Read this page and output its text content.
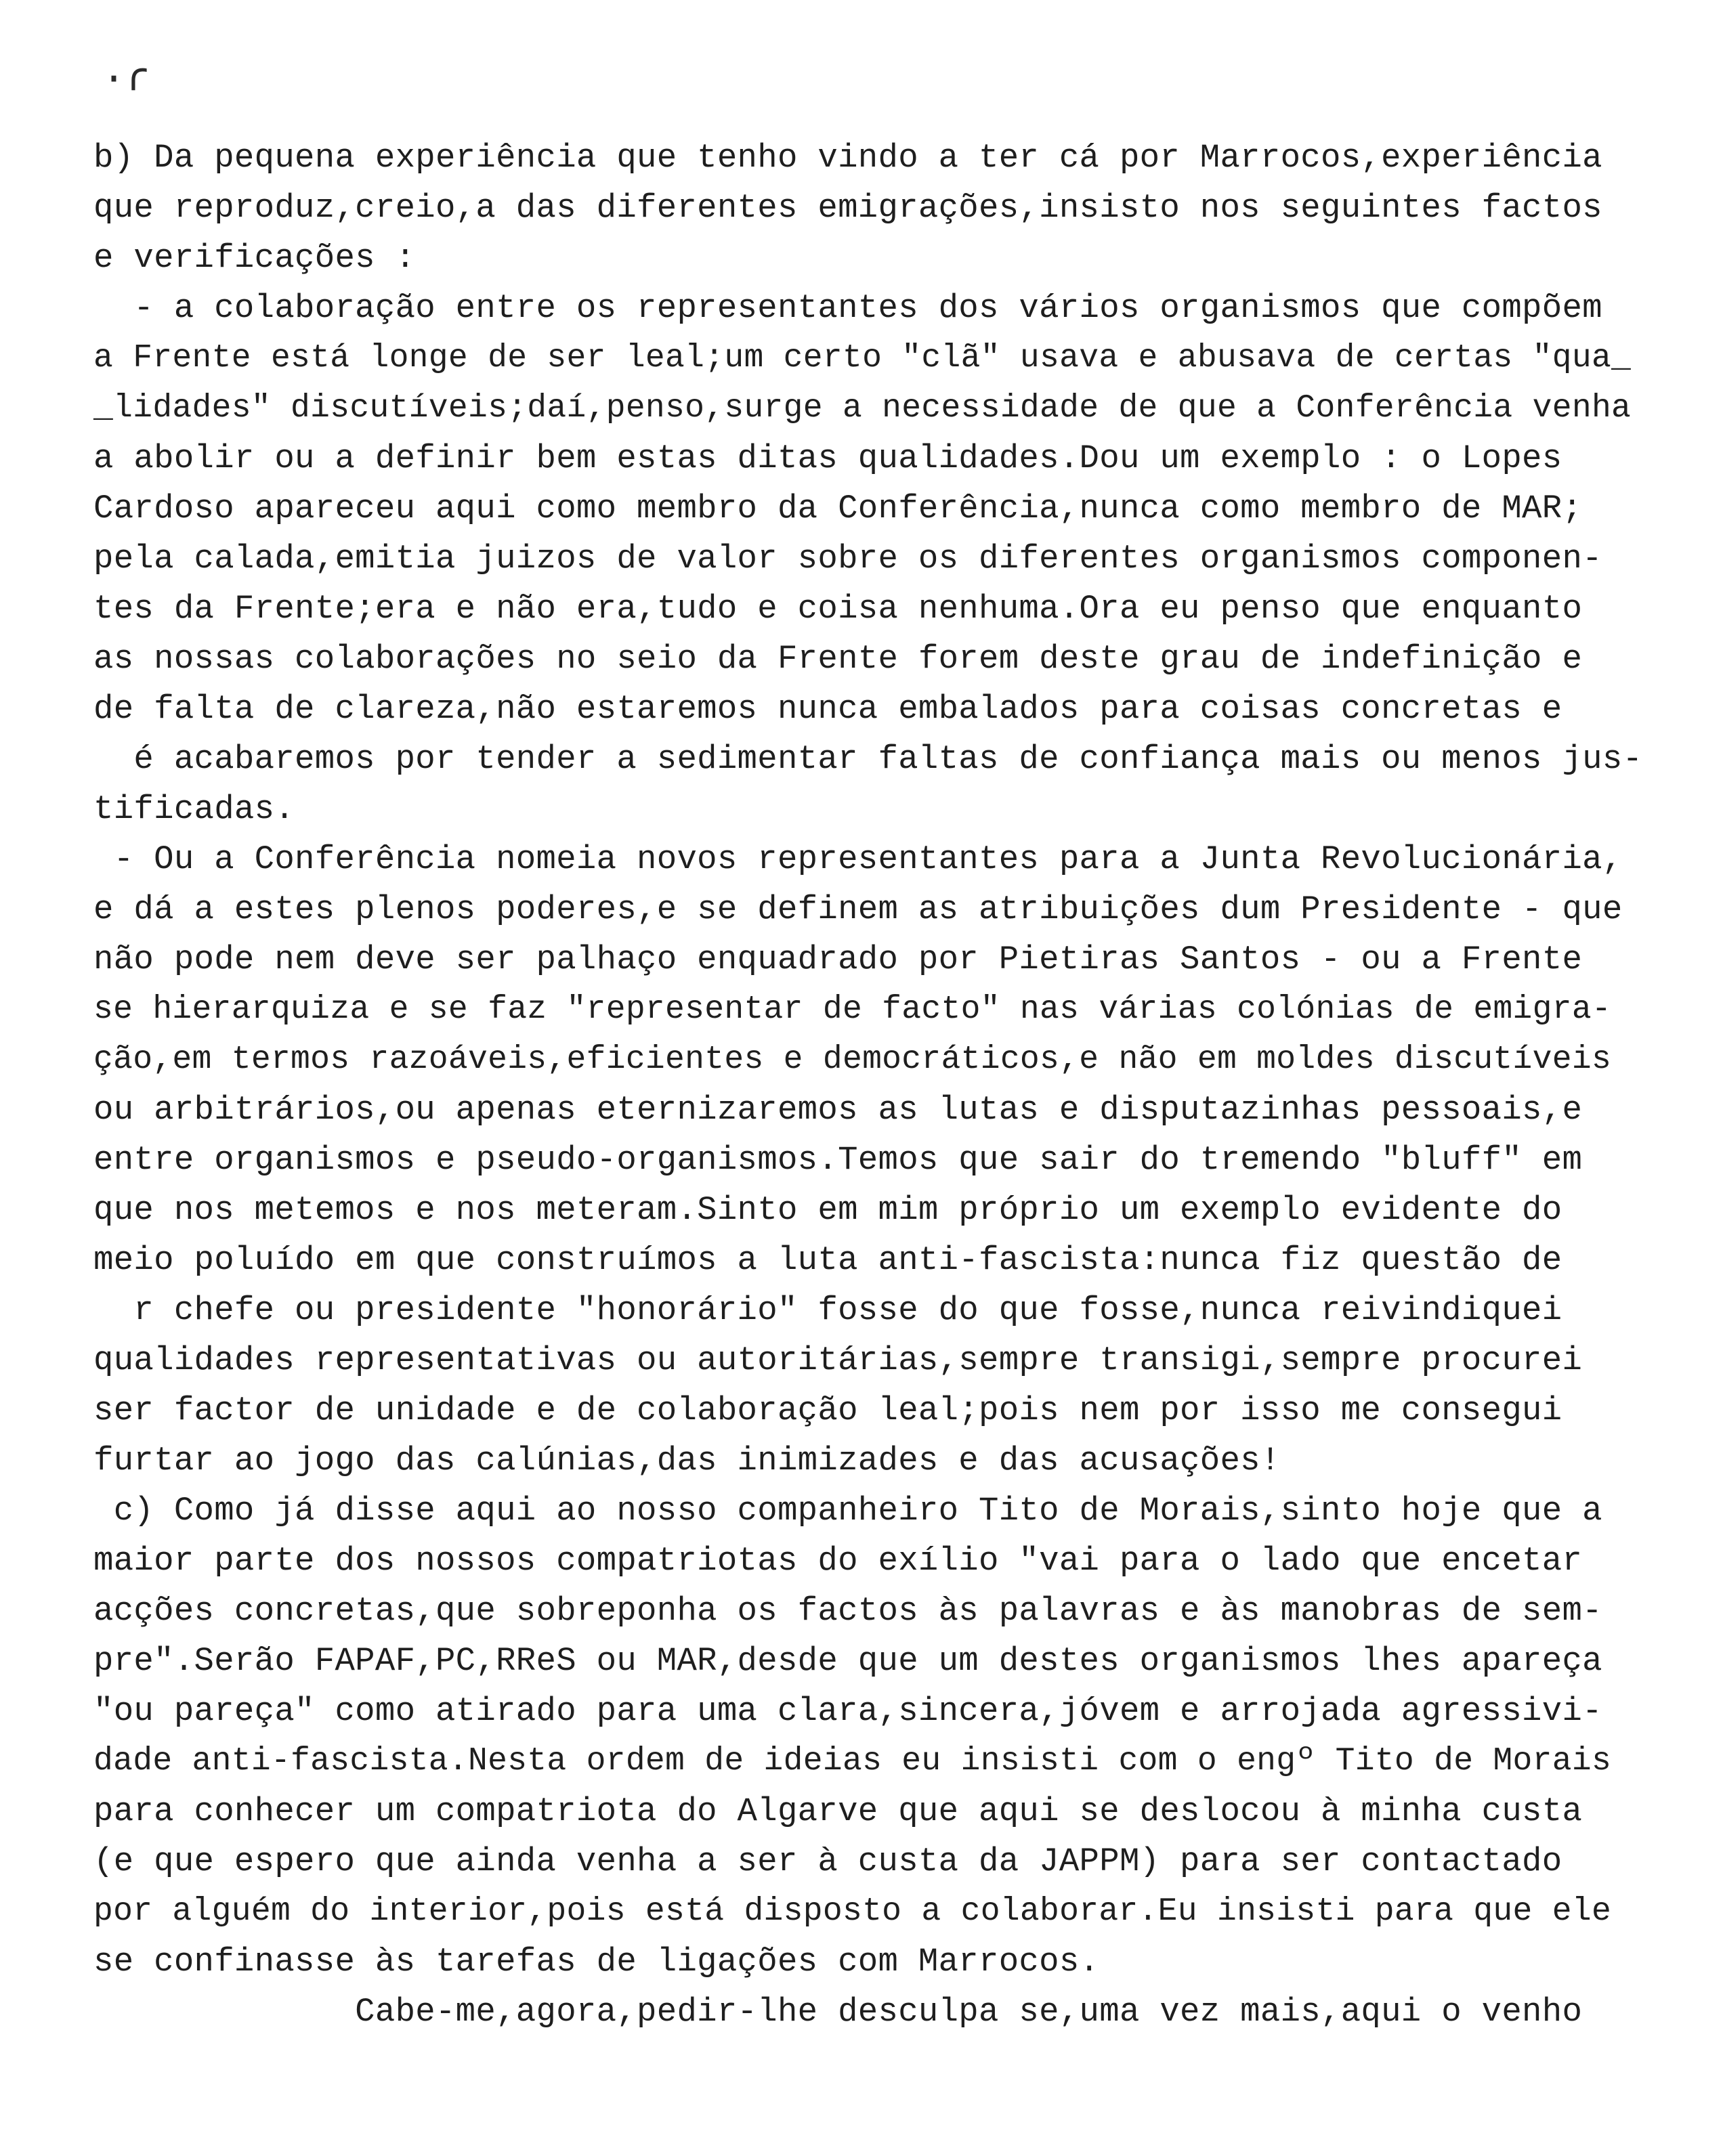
·ɾ
b) Da pequena experiência que tenho vindo a ter cá por Marrocos,experiência
que reproduz,creio,a das diferentes emigrações,insisto nos seguintes factos
e verificações :
- a colaboração entre os representantes dos vários organismos que compõem
a Frente está longe de ser leal;um certo "clã" usava e abusava de certas "qua_
_lidades" discutíveis;daí,penso,surge a necessidade de que a Conferência venha
a abolir ou a definir bem estas ditas qualidades.Dou um exemplo : o Lopes
Cardoso apareceu aqui como membro da Conferência,nunca como membro de MAR;
pela calada,emitia juizos de valor sobre os diferentes organismos componen-
tes da Frente;era e não era,tudo e coisa nenhuma.Ora eu penso que enquanto
as nossas colaborações no seio da Frente forem deste grau de indefinição e
de falta de clareza,não estaremos nunca embalados para coisas concretas e
é acabaremos por tender a sedimentar faltas de confiança mais ou menos jus-
tificadas.
- Ou a Conferência nomeia novos representantes para a Junta Revolucionária,
e dá a estes plenos poderes,e se definem as atribuições dum Presidente - que
não pode nem deve ser palhaço enquadrado por Pietiras Santos - ou a Frente
se hierarquiza e se faz "representar de facto" nas várias colónias de emigra-
ção,em termos razoáveis,eficientes e democráticos,e não em moldes discutíveis
ou arbitrários,ou apenas eternizaremos as lutas e disputazinhas pessoais,e
entre organismos e pseudo-organismos.Temos que sair do tremendo "bluff" em
que nos metemos e nos meteram.Sinto em mim próprio um exemplo evidente do
meio poluído em que construímos a luta anti-fascista:nunca fiz questão de
r chefe ou presidente "honorário" fosse do que fosse,nunca reivindiquei
qualidades representativas ou autoritárias,sempre transigi,sempre procurei
ser factor de unidade e de colaboração leal;pois nem por isso me consegui
furtar ao jogo das calúnias,das inimizades e das acusações!
c) Como já disse aqui ao nosso companheiro Tito de Morais,sinto hoje que a
maior parte dos nossos compatriotas do exílio "vai para o lado que encetar
acções concretas,que sobreponha os factos às palavras e às manobras de sem-
pre".Serão FAPAF,PC,RReS ou MAR,desde que um destes organismos lhes apareça
"ou pareça" como atirado para uma clara,sincera,jóvem e arrojada agressivi-
dade anti-fascista.Nesta ordem de ideias eu insisti com o engº Tito de Morais
para conhecer um compatriota do Algarve que aqui se deslocou à minha custa
(e que espero que ainda venha a ser à custa da JAPPM) para ser contactado
por alguém do interior,pois está disposto a colaborar.Eu insisti para que ele
se confinasse às tarefas de ligações com Marrocos.
Cabe-me,agora,pedir-lhe desculpa se,uma vez mais,aqui o venho
